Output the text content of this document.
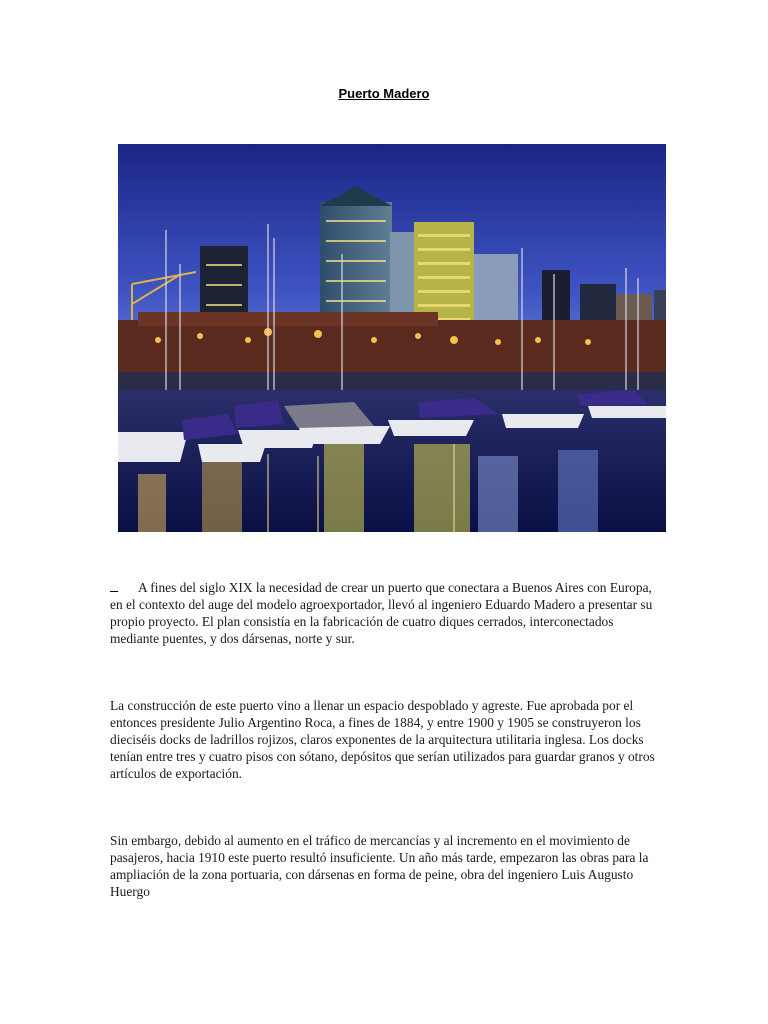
Puerto Madero

A fines del siglo XIX la necesidad de crear un puerto que conectara a Buenos Aires con Europa, en el contexto del auge del modelo agroexportador, llevó al ingeniero Eduardo Madero a presentar su propio proyecto. El plan consistía en la fabricación de cuatro diques cerrados, interconectados mediante puentes, y dos dársenas, norte y sur.

La construcción de este puerto vino a llenar un espacio despoblado y agreste. Fue aprobada por el entonces presidente Julio Argentino Roca, a fines de 1884, y entre 1900 y 1905 se construyeron los dieciséis docks de ladrillos rojizos, claros exponentes de la arquitectura utilitaria inglesa. Los docks tenían entre tres y cuatro pisos con sótano, depósitos que serían utilizados para guardar granos y otros artículos de exportación.

Sin embargo, debido al aumento en el tráfico de mercancías y al incremento en el movimiento de pasajeros, hacia 1910 este puerto resultó insuficiente. Un año más tarde, empezaron las obras para la ampliación de la zona portuaria, con dársenas en forma de peine, obra del ingeniero Luis Augusto Huergo
